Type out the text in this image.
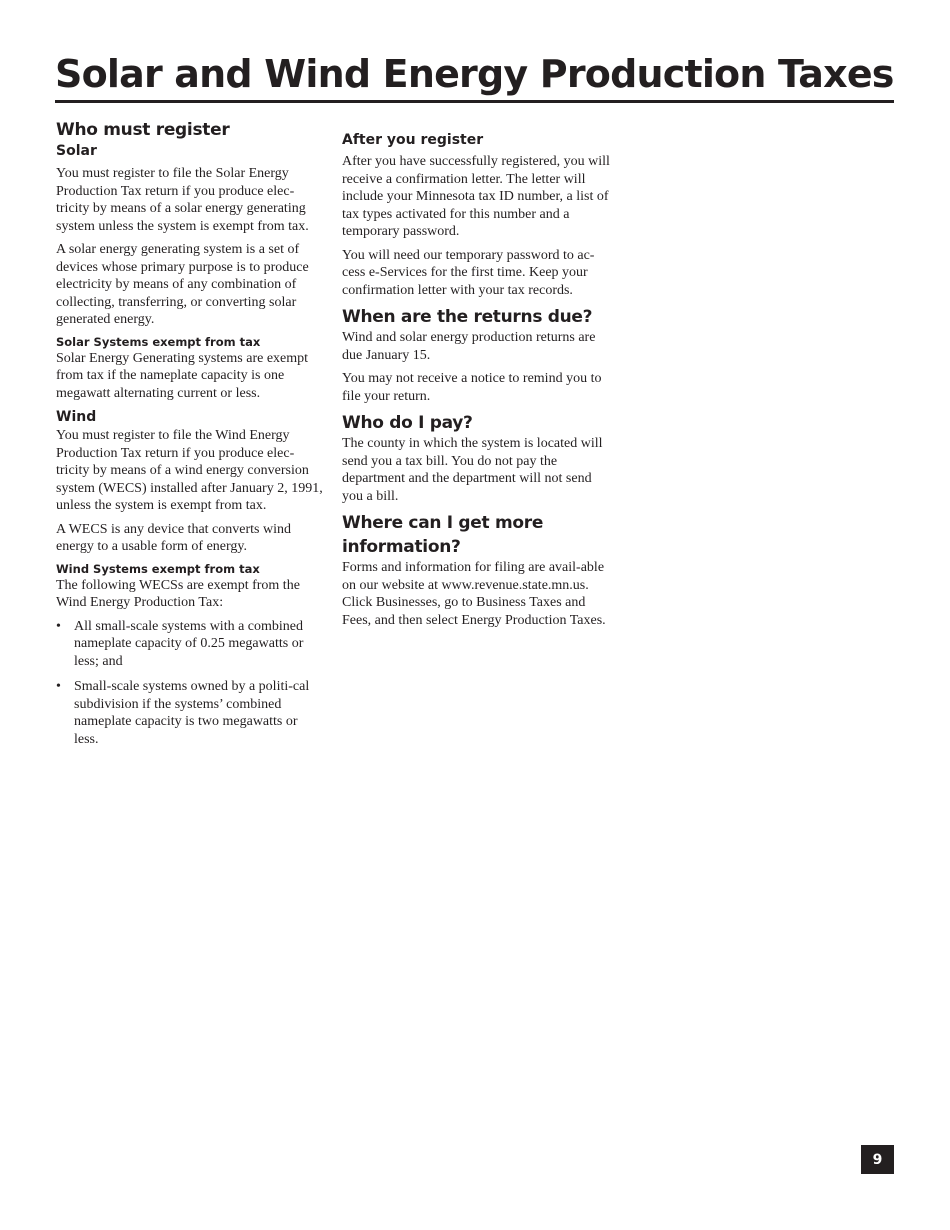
Solar and Wind Energy Production Taxes
Who must register
Solar

You must register to file the Solar Energy Production Tax return if you produce elec-tricity by means of a solar energy generating system unless the system is exempt from tax.

A solar energy generating system is a set of devices whose primary purpose is to produce electricity by means of any combination of collecting, transferring, or converting solar generated energy.

Solar Systems exempt from tax

Solar Energy Generating systems are exempt from tax if the nameplate capacity is one megawatt alternating current or less.

Wind

You must register to file the Wind Energy Production Tax return if you produce elec-tricity by means of a wind energy conversion system (WECS) installed after January 2, 1991, unless the system is exempt from tax.

A WECS is any device that converts wind energy to a usable form of energy.

Wind Systems exempt from tax

The following WECSs are exempt from the Wind Energy Production Tax:

• All small-scale systems with a combined nameplate capacity of 0.25 megawatts or less; and
• Small-scale systems owned by a politi-cal subdivision if the systems’ combined nameplate capacity is two megawatts or less.
After you register

After you have successfully registered, you will receive a confirmation letter. The letter will include your Minnesota tax ID number, a list of tax types activated for this number and a temporary password.

You will need our temporary password to ac-cess e-Services for the first time. Keep your confirmation letter with your tax records.

When are the returns due?

Wind and solar energy production returns are due January 15.

You may not receive a notice to remind you to file your return.

Who do I pay?

The county in which the system is located will send you a tax bill. You do not pay the department and the department will not send you a bill.

Where can I get more information?

Forms and information for filing are avail-able on our website at www.revenue.state.mn.us. Click Businesses, go to Business Taxes and Fees, and then select Energy Production Taxes.

9
